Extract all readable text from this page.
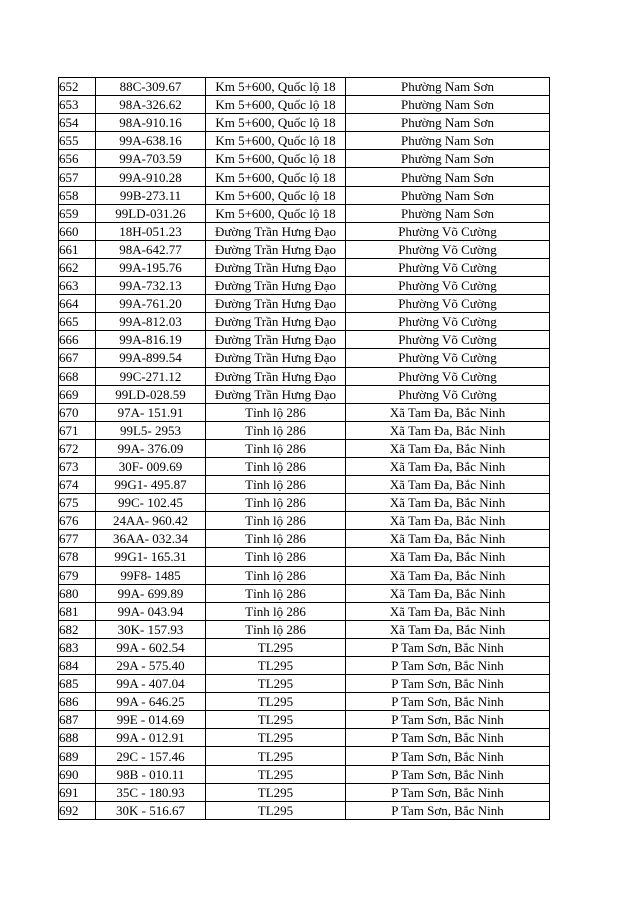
652	88C-309.67	Km 5+600, Quốc lộ 18	Phường Nam Sơn
653	98A-326.62	Km 5+600, Quốc lộ 18	Phường Nam Sơn
654	98A-910.16	Km 5+600, Quốc lộ 18	Phường Nam Sơn
655	99A-638.16	Km 5+600, Quốc lộ 18	Phường Nam Sơn
656	99A-703.59	Km 5+600, Quốc lộ 18	Phường Nam Sơn
657	99A-910.28	Km 5+600, Quốc lộ 18	Phường Nam Sơn
658	99B-273.11	Km 5+600, Quốc lộ 18	Phường Nam Sơn
659	99LD-031.26	Km 5+600, Quốc lộ 18	Phường Nam Sơn
660	18H-051.23	Đường Trần Hưng Đạo	Phường Võ Cường
661	98A-642.77	Đường Trần Hưng Đạo	Phường Võ Cường
662	99A-195.76	Đường Trần Hưng Đạo	Phường Võ Cường
663	99A-732.13	Đường Trần Hưng Đạo	Phường Võ Cường
664	99A-761.20	Đường Trần Hưng Đạo	Phường Võ Cường
665	99A-812.03	Đường Trần Hưng Đạo	Phường Võ Cường
666	99A-816.19	Đường Trần Hưng Đạo	Phường Võ Cường
667	99A-899.54	Đường Trần Hưng Đạo	Phường Võ Cường
668	99C-271.12	Đường Trần Hưng Đạo	Phường Võ Cường
669	99LD-028.59	Đường Trần Hưng Đạo	Phường Võ Cường
670	97A- 151.91	Tỉnh lộ 286	Xã Tam Đa, Bắc Ninh
671	99L5- 2953	Tỉnh lộ 286	Xã Tam Đa, Bắc Ninh
672	99A- 376.09	Tỉnh lộ 286	Xã Tam Đa, Bắc Ninh
673	30F- 009.69	Tỉnh lộ 286	Xã Tam Đa, Bắc Ninh
674	99G1- 495.87	Tỉnh lộ 286	Xã Tam Đa, Bắc Ninh
675	99C- 102.45	Tỉnh lộ 286	Xã Tam Đa, Bắc Ninh
676	24AA- 960.42	Tỉnh lộ 286	Xã Tam Đa, Bắc Ninh
677	36AA- 032.34	Tỉnh lộ 286	Xã Tam Đa, Bắc Ninh
678	99G1- 165.31	Tỉnh lộ 286	Xã Tam Đa, Bắc Ninh
679	99F8- 1485	Tỉnh lộ 286	Xã Tam Đa, Bắc Ninh
680	99A- 699.89	Tỉnh lộ 286	Xã Tam Đa, Bắc Ninh
681	99A- 043.94	Tỉnh lộ 286	Xã Tam Đa, Bắc Ninh
682	30K- 157.93	Tỉnh lộ 286	Xã Tam Đa, Bắc Ninh
683	99A - 602.54	TL295	P Tam Sơn, Bắc Ninh
684	29A - 575.40	TL295	P Tam Sơn, Bắc Ninh
685	99A - 407.04	TL295	P Tam Sơn, Bắc Ninh
686	99A - 646.25	TL295	P Tam Sơn, Bắc Ninh
687	99E - 014.69	TL295	P Tam Sơn, Bắc Ninh
688	99A - 012.91	TL295	P Tam Sơn, Bắc Ninh
689	29C - 157.46	TL295	P Tam Sơn, Bắc Ninh
690	98B - 010.11	TL295	P Tam Sơn, Bắc Ninh
691	35C - 180.93	TL295	P Tam Sơn, Bắc Ninh
692	30K - 516.67	TL295	P Tam Sơn, Bắc Ninh
